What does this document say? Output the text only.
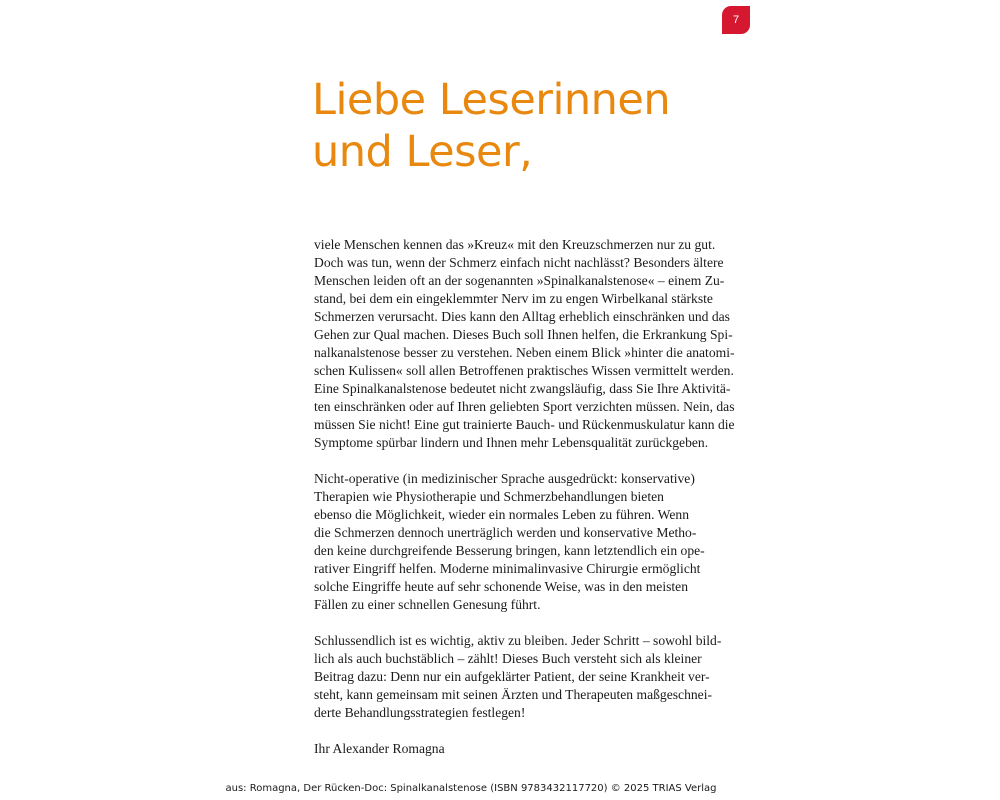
7
Liebe Leserinnen
und Leser,

viele Menschen kennen das »Kreuz« mit den Kreuzschmerzen nur zu gut.
Doch was tun, wenn der Schmerz einfach nicht nachlässt? Besonders ältere
Menschen leiden oft an der sogenannten »Spinalkanalstenose« – einem Zu-
stand, bei dem ein eingeklemmter Nerv im zu engen Wirbelkanal stärkste
Schmerzen verursacht. Dies kann den Alltag erheblich einschränken und das
Gehen zur Qual machen. Dieses Buch soll Ihnen helfen, die Erkrankung Spi-
nalkanalstenose besser zu verstehen. Neben einem Blick »hinter die anatomi-
schen Kulissen« soll allen Betroffenen praktisches Wissen vermittelt werden.
Eine Spinalkanalstenose bedeutet nicht zwangsläufig, dass Sie Ihre Aktivitä-
ten einschränken oder auf Ihren geliebten Sport verzichten müssen. Nein, das
müssen Sie nicht! Eine gut trainierte Bauch- und Rückenmuskulatur kann die
Symptome spürbar lindern und Ihnen mehr Lebensqualität zurückgeben.

Nicht-operative (in medizinischer Sprache ausgedrückt: konservative)
Therapien wie Physiotherapie und Schmerzbehandlungen bieten
ebenso die Möglichkeit, wieder ein normales Leben zu führen. Wenn
die Schmerzen dennoch unerträglich werden und konservative Metho-
den keine durchgreifende Besserung bringen, kann letztendlich ein ope-
rativer Eingriff helfen. Moderne minimalinvasive Chirurgie ermöglicht
solche Eingriffe heute auf sehr schonende Weise, was in den meisten
Fällen zu einer schnellen Genesung führt.

Schlussendlich ist es wichtig, aktiv zu bleiben. Jeder Schritt – sowohl bild-
lich als auch buchstäblich – zählt! Dieses Buch versteht sich als kleiner
Beitrag dazu: Denn nur ein aufgeklärter Patient, der seine Krankheit ver-
steht, kann gemeinsam mit seinen Ärzten und Therapeuten maßgeschnei-
derte Behandlungsstrategien festlegen!

Ihr Alexander Romagna

aus: Romagna, Der Rücken-Doc: Spinalkanalstenose (ISBN 9783432117720) © 2025 TRIAS Verlag
